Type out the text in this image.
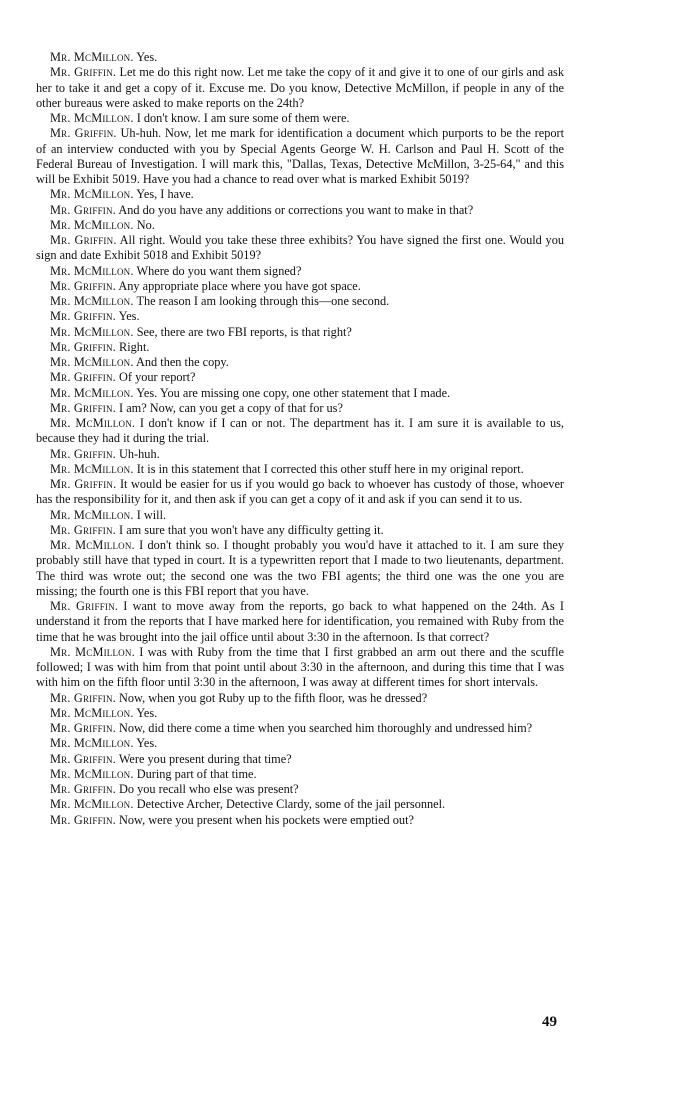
Mr. McMillon. Yes.

Mr. Griffin. Let me do this right now. Let me take the copy of it and give it to one of our girls and ask her to take it and get a copy of it. Excuse me. Do you know, Detective McMillon, if people in any of the other bureaus were asked to make reports on the 24th?

Mr. McMillon. I don't know. I am sure some of them were.

Mr. Griffin. Uh-huh. Now, let me mark for identification a document which purports to be the report of an interview conducted with you by Special Agents George W. H. Carlson and Paul H. Scott of the Federal Bureau of Investigation. I will mark this, "Dallas, Texas, Detective McMillon, 3-25-64," and this will be Exhibit 5019. Have you had a chance to read over what is marked Exhibit 5019?

Mr. McMillon. Yes, I have.

Mr. Griffin. And do you have any additions or corrections you want to make in that?

Mr. McMillon. No.

Mr. Griffin. All right. Would you take these three exhibits? You have signed the first one. Would you sign and date Exhibit 5018 and Exhibit 5019?

Mr. McMillon. Where do you want them signed?

Mr. Griffin. Any appropriate place where you have got space.

Mr. McMillon. The reason I am looking through this—one second.

Mr. Griffin. Yes.

Mr. McMillon. See, there are two FBI reports, is that right?

Mr. Griffin. Right.

Mr. McMillon. And then the copy.

Mr. Griffin. Of your report?

Mr. McMillon. Yes. You are missing one copy, one other statement that I made.

Mr. Griffin. I am? Now, can you get a copy of that for us?

Mr. McMillon. I don't know if I can or not. The department has it. I am sure it is available to us, because they had it during the trial.

Mr. Griffin. Uh-huh.

Mr. McMillon. It is in this statement that I corrected this other stuff here in my original report.

Mr. Griffin. It would be easier for us if you would go back to whoever has custody of those, whoever has the responsibility for it, and then ask if you can get a copy of it and ask if you can send it to us.

Mr. McMillon. I will.

Mr. Griffin. I am sure that you won't have any difficulty getting it.

Mr. McMillon. I don't think so. I thought probably you wou'd have it attached to it. I am sure they probably still have that typed in court. It is a typewritten report that I made to two lieutenants, department. The third was wrote out; the second one was the two FBI agents; the third one was the one you are missing; the fourth one is this FBI report that you have.

Mr. Griffin. I want to move away from the reports, go back to what happened on the 24th. As I understand it from the reports that I have marked here for identification, you remained with Ruby from the time that he was brought into the jail office until about 3:30 in the afternoon. Is that correct?

Mr. McMillon. I was with Ruby from the time that I first grabbed an arm out there and the scuffle followed; I was with him from that point until about 3:30 in the afternoon, and during this time that I was with him on the fifth floor until 3:30 in the afternoon, I was away at different times for short intervals.

Mr. Griffin. Now, when you got Ruby up to the fifth floor, was he dressed?

Mr. McMillon. Yes.

Mr. Griffin. Now, did there come a time when you searched him thoroughly and undressed him?

Mr. McMillon. Yes.

Mr. Griffin. Were you present during that time?

Mr. McMillon. During part of that time.

Mr. Griffin. Do you recall who else was present?

Mr. McMillon. Detective Archer, Detective Clardy, some of the jail personnel.

Mr. Griffin. Now, were you present when his pockets were emptied out?

49
